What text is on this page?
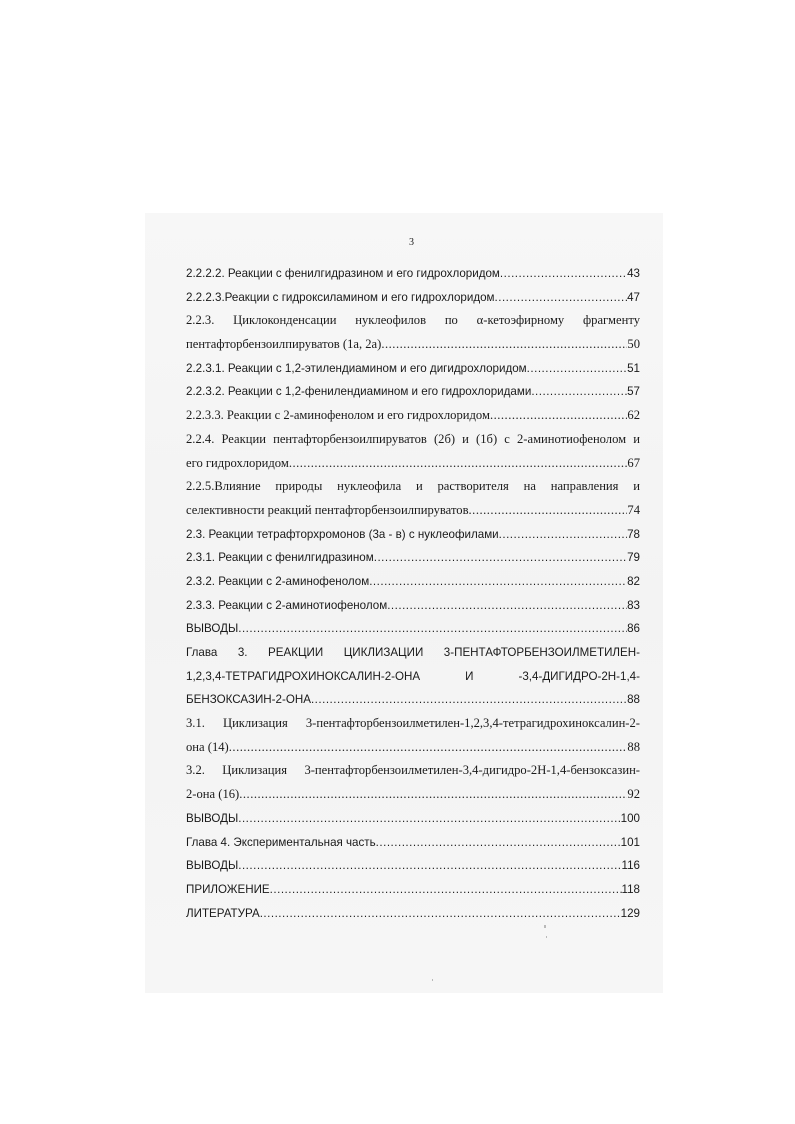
3
2.2.2.2. Реакции с фенилгидразином и его гидрохлоридом .....	43
2.2.2.3.Реакции с гидроксиламином и его гидрохлоридом .....	47
2.2.3. Циклоконденсации нуклеофилов по α-кетоэфирному фрагменту
пентафторбензоилпируватов (1а, 2а) .....	50
2.2.3.1. Реакции с 1,2-этилендиамином и его дигидрохлоридом .....	51
2.2.3.2. Реакции с 1,2-фенилендиамином и его гидрохлоридами .....	57
2.2.3.3. Реакции с 2-аминофенолом и его гидрохлоридом .....	62
2.2.4. Реакции пентафторбензоилпируватов (2б) и (1б) с 2-аминотиофенолом и
его гидрохлоридом .....	67
2.2.5.Влияние природы нуклеофила и растворителя на направления и
селективности реакций пентафторбензоилпируватов .....	74
2.3. Реакции тетрафторхромонов (3а - в) с нуклеофилами .....	78
2.3.1. Реакции с фенилгидразином .....	79
2.3.2. Реакции с 2-аминофенолом .....	82
2.3.3. Реакции с 2-аминотиофенолом .....	83
ВЫВОДЫ .....	86
Глава 3. РЕАКЦИИ ЦИКЛИЗАЦИИ 3-ПЕНТАФТОРБЕНЗОИЛМЕТИЛЕН-
1,2,3,4-ТЕТРАГИДРОХИНОКСАЛИН-2-ОНА И -3,4-ДИГИДРО-2Н-1,4-
БЕНЗОКСАЗИН-2-ОНА .....	88
3.1. Циклизация 3-пентафторбензоилметилен-1,2,3,4-тетрагидрохиноксалин-2-
она (14) .....	88
3.2. Циклизация 3-пентафторбензоилметилен-3,4-дигидро-2Н-1,4-бензоксазин-
2-она (16) .....	92
ВЫВОДЫ .....	100
Глава 4. Экспериментальная часть .....	101
ВЫВОДЫ .....	116
ПРИЛОЖЕНИЕ .....	118
ЛИТЕРАТУРА .....	129
